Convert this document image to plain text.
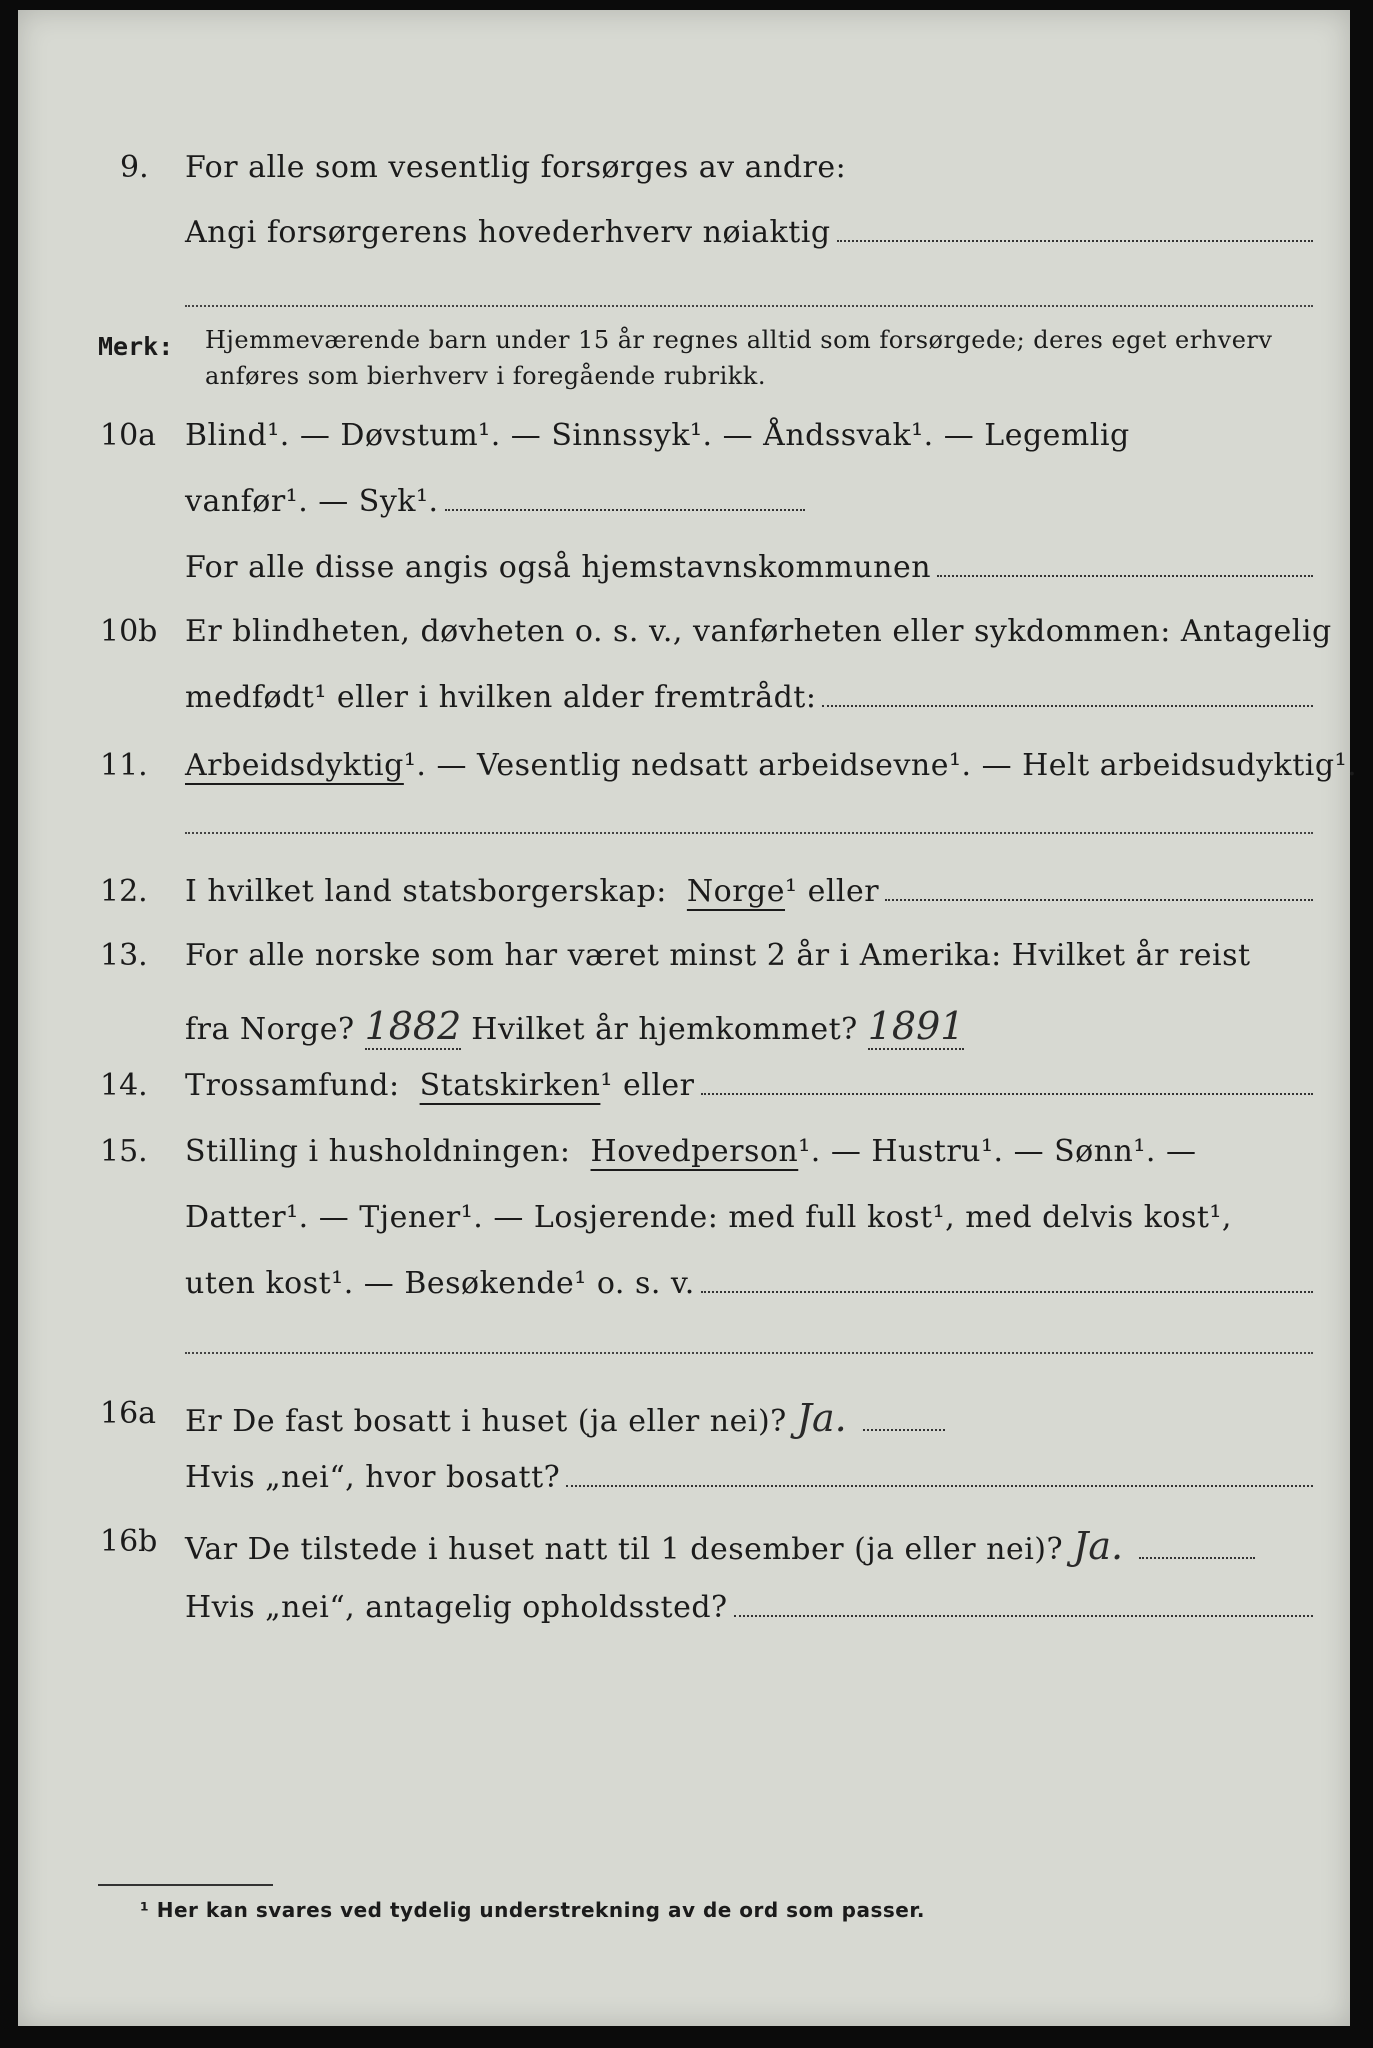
9. For alle som vesentlig forsørges av andre:
Angi forsørgerens hovederhverv nøiaktig
Merk: Hjemmeværende barn under 15 år regnes alltid som forsørgede; deres eget erhverv
anføres som bierhverv i foregående rubrikk.
10a Blind¹. — Døvstum¹. — Sinnssyk¹. — Åndssvak¹. — Legemlig
vanfør¹. — Syk¹.
For alle disse angis også hjemstavnskommunen
10b Er blindheten, døvheten o. s. v., vanførheten eller sykdommen: Antagelig
medfødt¹ eller i hvilken alder fremtrådt:
11. Arbeidsdyktig ¹. — Vesentlig nedsatt arbeidsevne¹. — Helt arbeidsudyktig¹.
12. I hvilket land statsborgerskap: Norge ¹ eller
13. For alle norske som har været minst 2 år i Amerika: Hvilket år reist
fra Norge? 1882 Hvilket år hjemkommet? 1891
14. Trossamfund: Statskirken ¹ eller
15. Stilling i husholdningen: Hovedperson ¹. — Hustru¹. — Sønn¹. —
Datter¹. — Tjener¹. — Losjerende: med full kost¹, med delvis kost¹,
uten kost¹. — Besøkende¹ o. s. v.
16a Er De fast bosatt i huset (ja eller nei)? Ja.
Hvis „nei“, hvor bosatt?
16b Var De tilstede i huset natt til 1 desember (ja eller nei)? Ja.
Hvis „nei“, antagelig opholdssted?
¹ Her kan svares ved tydelig understrekning av de ord som passer.
